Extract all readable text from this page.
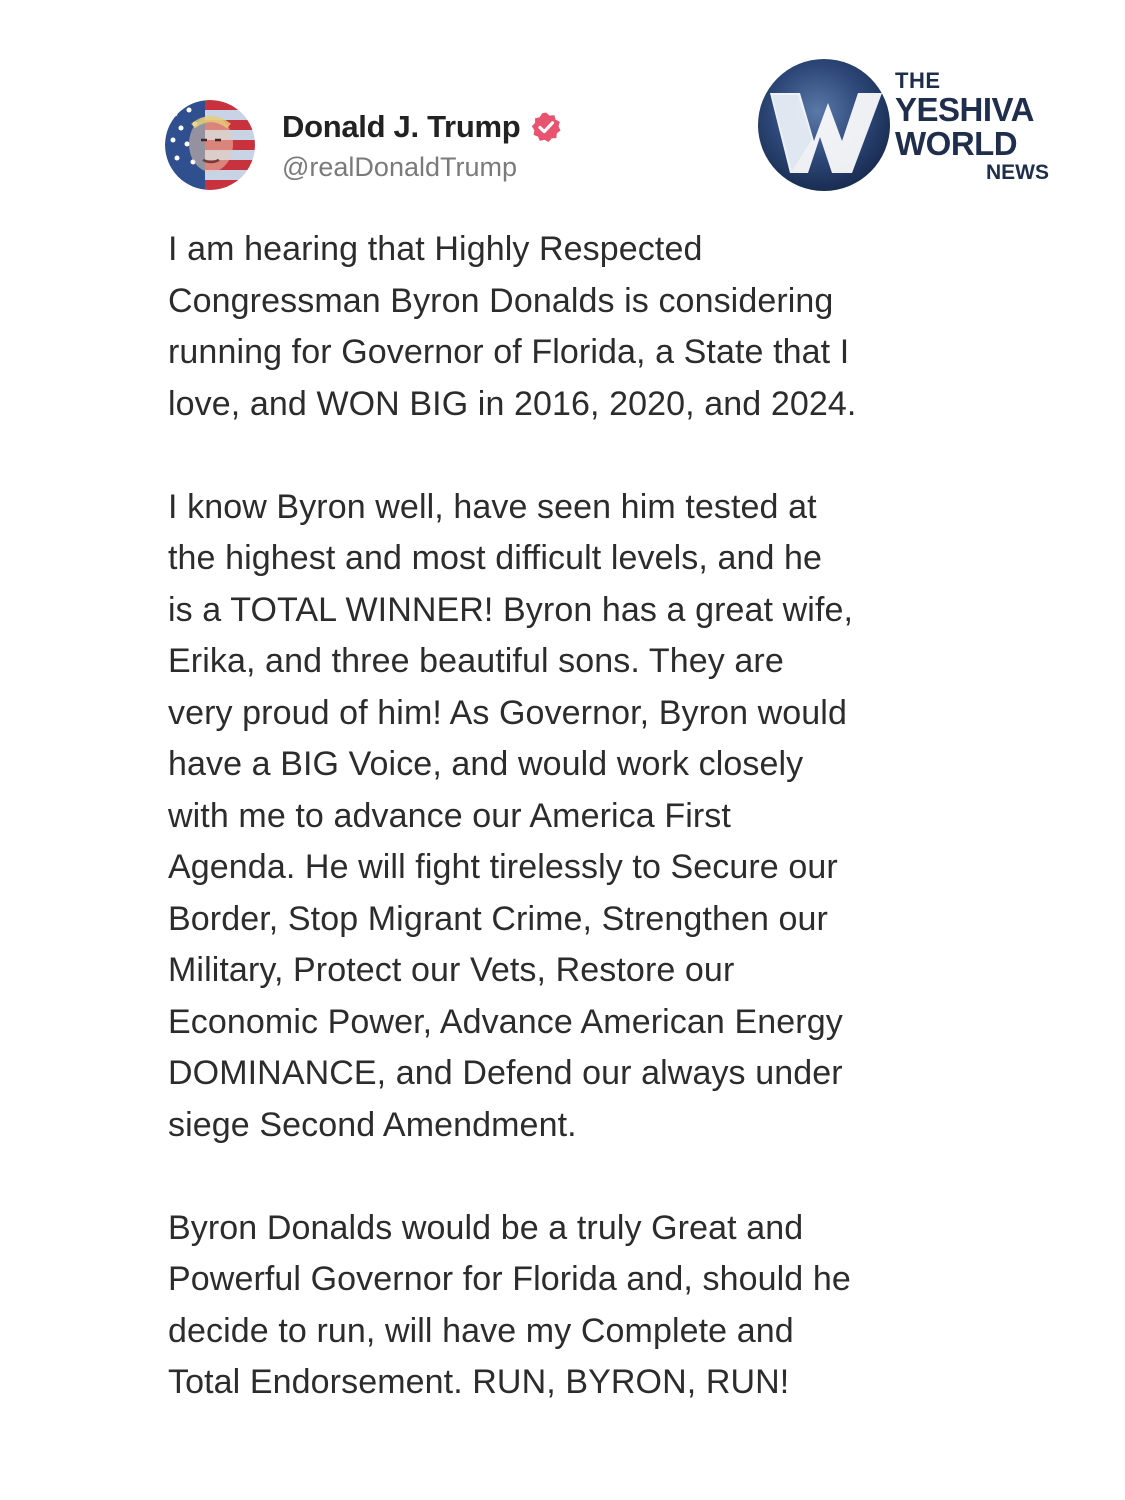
Donald J. Trump
@realDonaldTrump
THE
YESHIVA
WORLD
NEWS
I am hearing that Highly Respected
Congressman Byron Donalds is considering
running for Governor of Florida, a State that I
love, and WON BIG in 2016, 2020, and 2024.
I know Byron well, have seen him tested at
the highest and most difficult levels, and he
is a TOTAL WINNER! Byron has a great wife,
Erika, and three beautiful sons. They are
very proud of him! As Governor, Byron would
have a BIG Voice, and would work closely
with me to advance our America First
Agenda. He will fight tirelessly to Secure our
Border, Stop Migrant Crime, Strengthen our
Military, Protect our Vets, Restore our
Economic Power, Advance American Energy
DOMINANCE, and Defend our always under
siege Second Amendment.
Byron Donalds would be a truly Great and
Powerful Governor for Florida and, should he
decide to run, will have my Complete and
Total Endorsement. RUN, BYRON, RUN!
